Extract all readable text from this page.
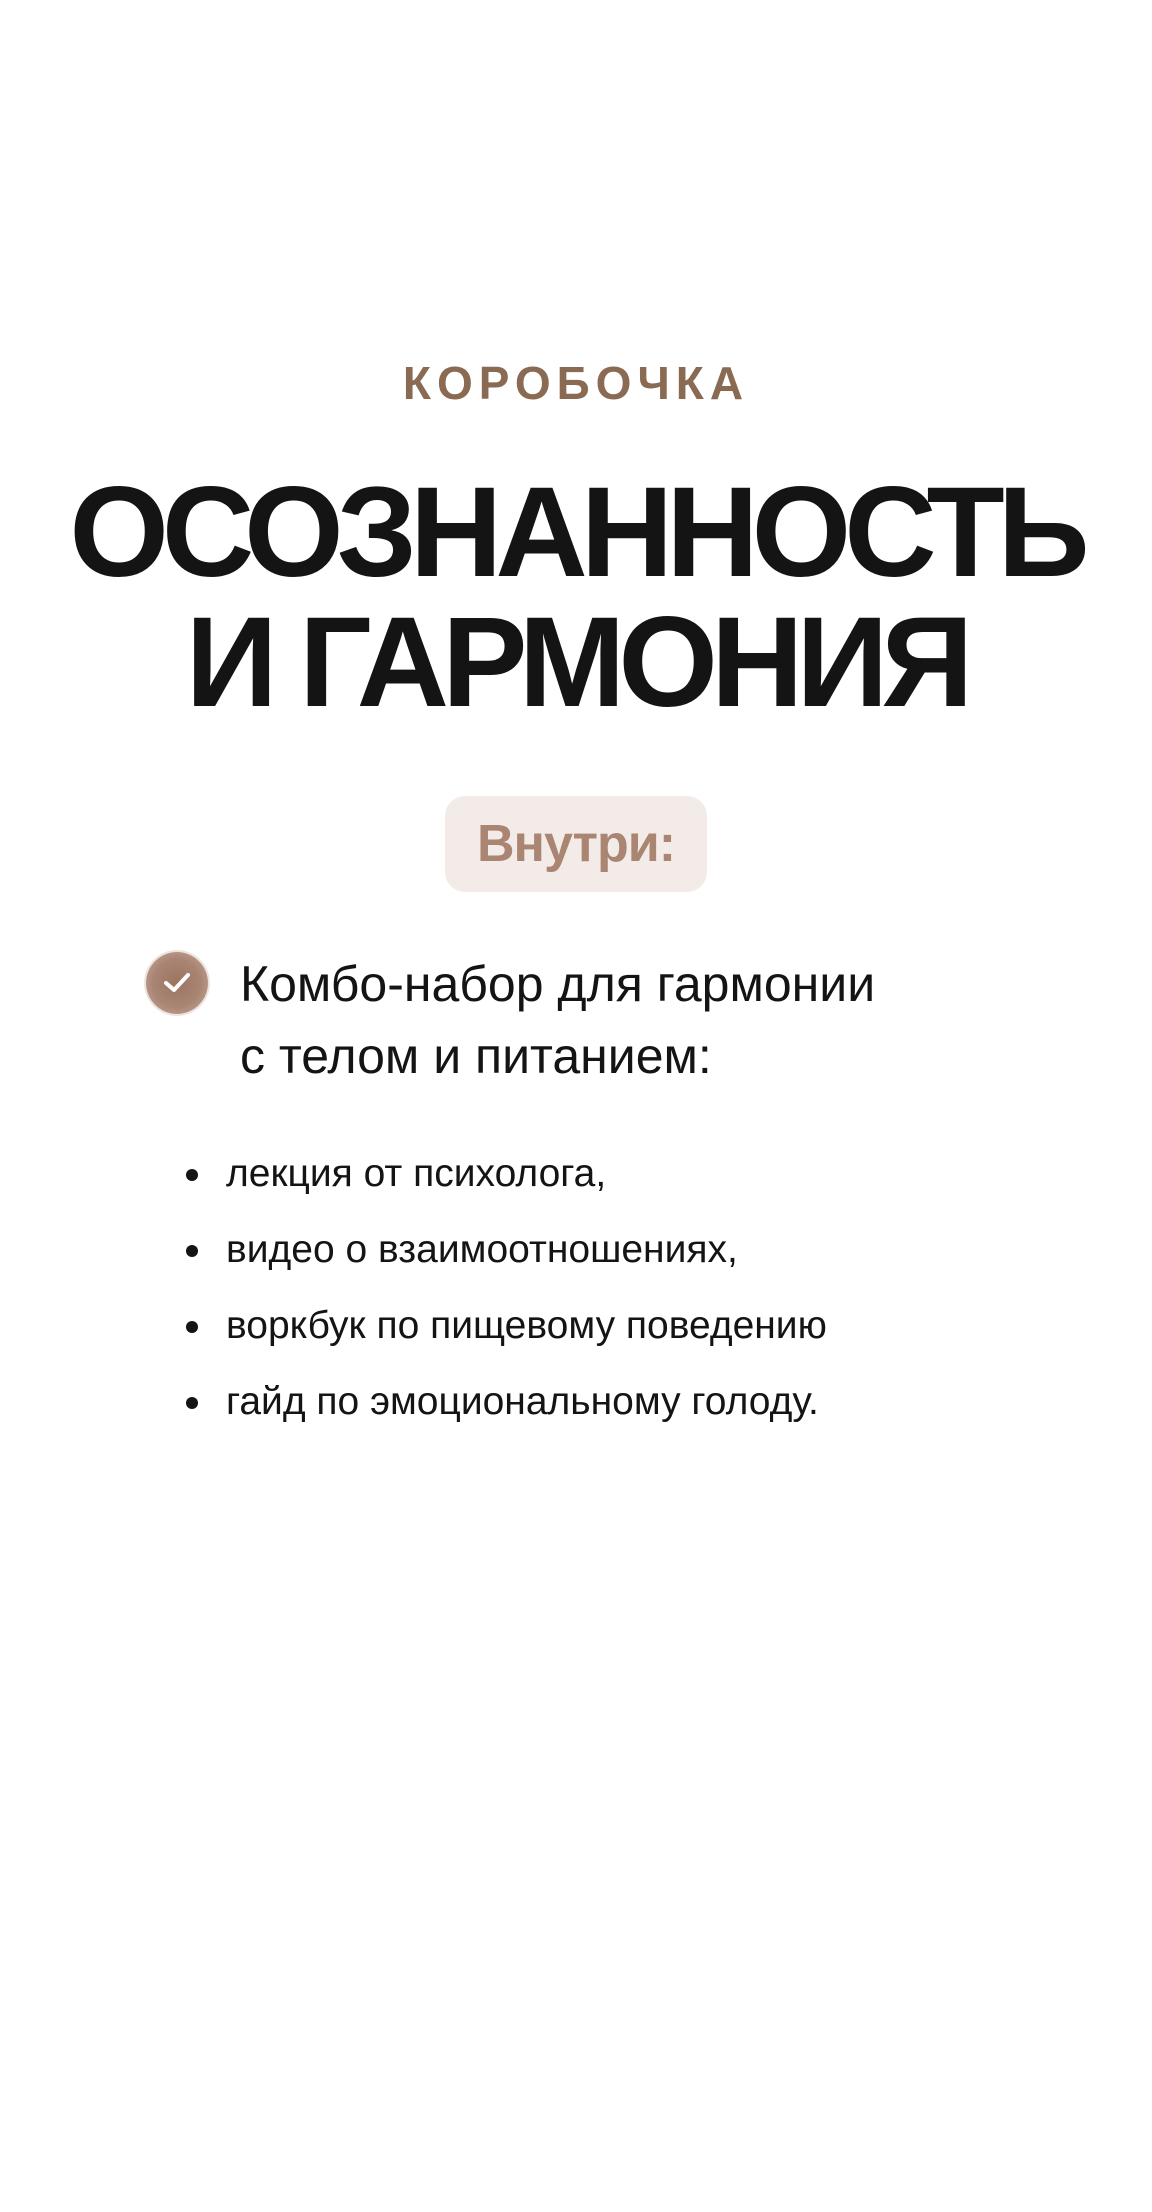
КОРОБОЧКА
ОСОЗНАННОСТЬ
И ГАРМОНИЯ
Внутри:
Комбо-набор для гармонии
с телом и питанием:
лекция от психолога,
видео о взаимоотношениях,
воркбук по пищевому поведению
гайд по эмоциональному голоду.
